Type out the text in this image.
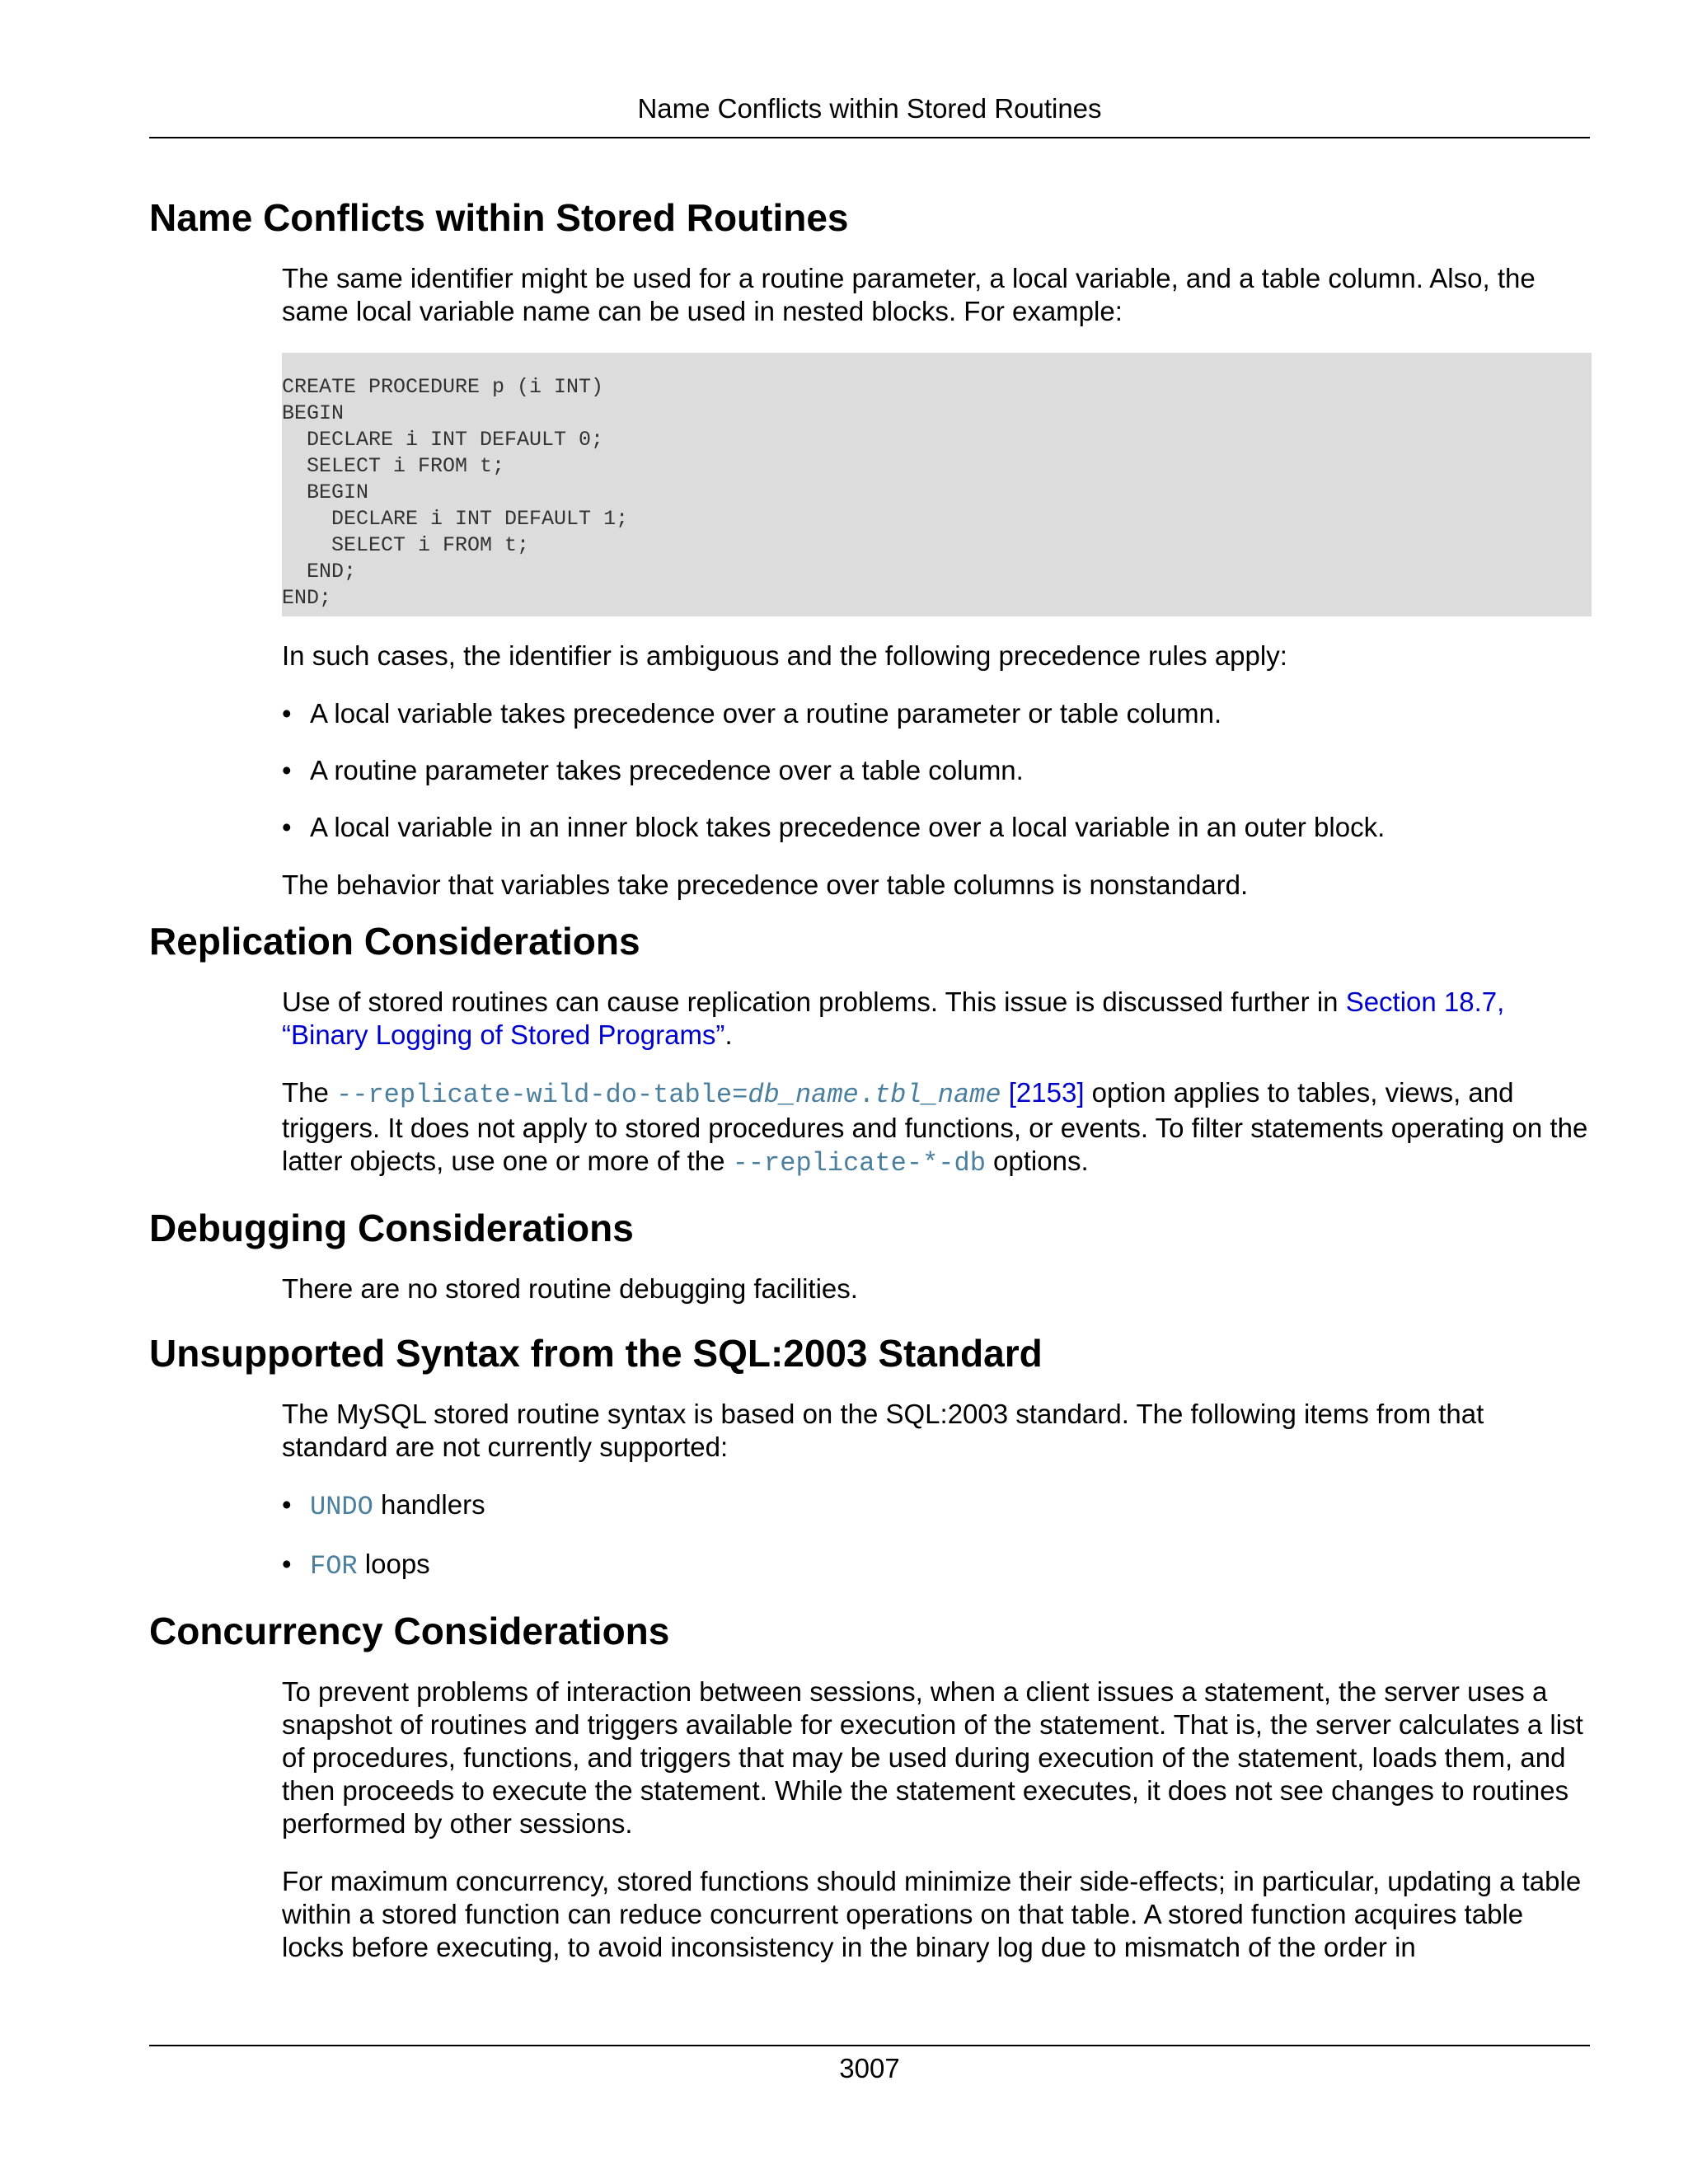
Name Conflicts within Stored Routines
Name Conflicts within Stored Routines

The same identifier might be used for a routine parameter, a local variable, and a table column. Also, the same local variable name can be used in nested blocks. For example:

CREATE PROCEDURE p (i INT)
BEGIN
DECLARE i INT DEFAULT 0;
SELECT i FROM t;
BEGIN
DECLARE i INT DEFAULT 1;
SELECT i FROM t;
END;
END;

In such cases, the identifier is ambiguous and the following precedence rules apply:

• A local variable takes precedence over a routine parameter or table column.
• A routine parameter takes precedence over a table column.
• A local variable in an inner block takes precedence over a local variable in an outer block.

The behavior that variables take precedence over table columns is nonstandard.

Replication Considerations

Use of stored routines can cause replication problems. This issue is discussed further in Section 18.7, “Binary Logging of Stored Programs”.

The --replicate-wild-do-table=db_name.tbl_name [2153] option applies to tables, views, and triggers. It does not apply to stored procedures and functions, or events. To filter statements operating on the latter objects, use one or more of the --replicate-*-db options.

Debugging Considerations

There are no stored routine debugging facilities.

Unsupported Syntax from the SQL:2003 Standard

The MySQL stored routine syntax is based on the SQL:2003 standard. The following items from that standard are not currently supported:

• UNDO handlers
• FOR loops
Concurrency Considerations

To prevent problems of interaction between sessions, when a client issues a statement, the server uses a snapshot of routines and triggers available for execution of the statement. That is, the server calculates a list of procedures, functions, and triggers that may be used during execution of the statement, loads them, and then proceeds to execute the statement. While the statement executes, it does not see changes to routines performed by other sessions.

For maximum concurrency, stored functions should minimize their side-effects; in particular, updating a table within a stored function can reduce concurrent operations on that table. A stored function acquires table locks before executing, to avoid inconsistency in the binary log due to mismatch of the order in

3007
